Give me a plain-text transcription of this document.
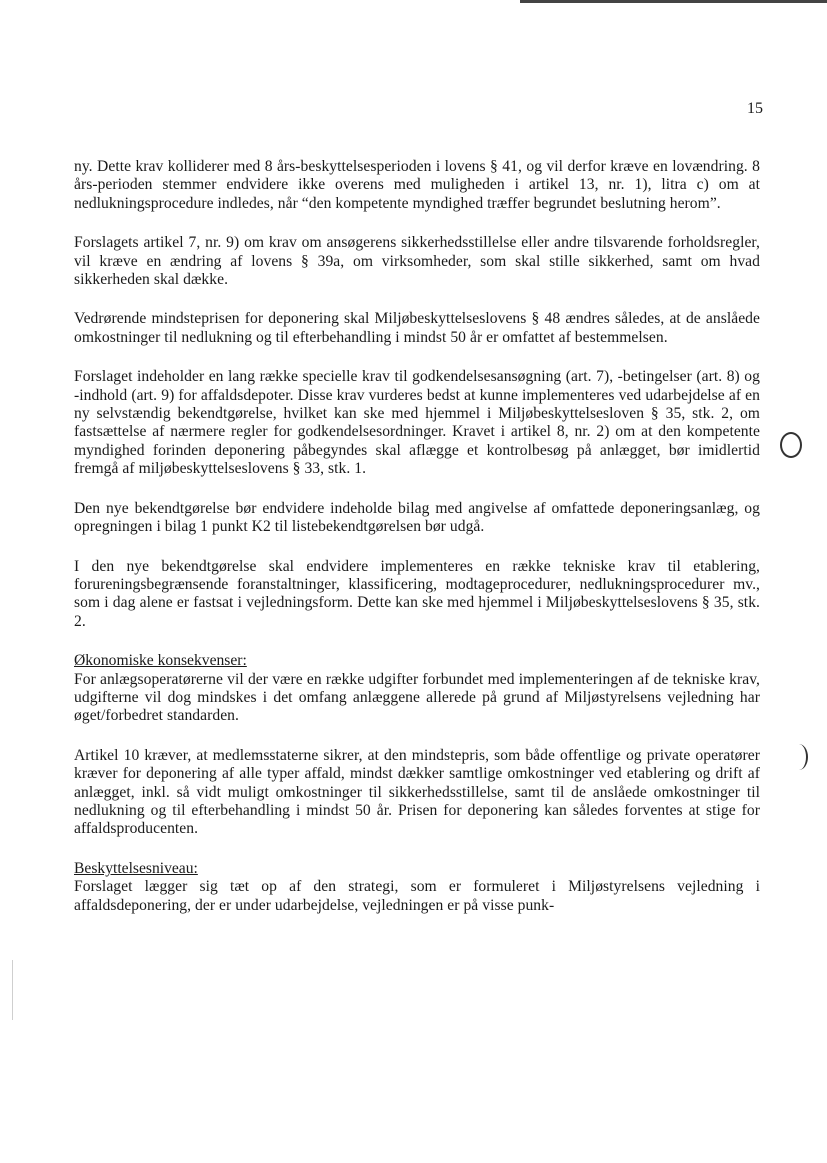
15

ny. Dette krav kolliderer med 8 års-beskyttelsesperioden i lovens § 41, og vil derfor kræve en lovændring. 8 års-perioden stemmer endvidere ikke overens med muligheden i artikel 13, nr. 1), litra c) om at nedlukningsprocedure indledes, når “den kompetente myndighed træffer begrundet beslutning herom”.

Forslagets artikel 7, nr. 9) om krav om ansøgerens sikkerhedsstillelse eller andre tilsvarende forholdsregler, vil kræve en ændring af lovens § 39a, om virksomheder, som skal stille sikkerhed, samt om hvad sikkerheden skal dække.

Vedrørende mindsteprisen for deponering skal Miljøbeskyttelseslovens § 48 ændres således, at de anslåede omkostninger til nedlukning og til efterbehandling i mindst 50 år er omfattet af bestemmelsen.

Forslaget indeholder en lang række specielle krav til godkendelsesansøgning (art. 7), -betingelser (art. 8) og -indhold (art. 9) for affaldsdepoter. Disse krav vurderes bedst at kunne implementeres ved udarbejdelse af en ny selvstændig bekendtgørelse, hvilket kan ske med hjemmel i Miljøbeskyttelsesloven § 35, stk. 2, om fastsættelse af nærmere regler for godkendelsesordninger. Kravet i artikel 8, nr. 2) om at den kompetente myndighed forinden deponering påbegyndes skal aflægge et kontrolbesøg på anlægget, bør imidlertid fremgå af miljøbeskyttelseslovens § 33, stk. 1.

Den nye bekendtgørelse bør endvidere indeholde bilag med angivelse af omfattede deponeringsanlæg, og opregningen i bilag 1 punkt K2 til listebekendtgørelsen bør udgå.

I den nye bekendtgørelse skal endvidere implementeres en række tekniske krav til etablering, forureningsbegrænsende foranstaltninger, klassificering, modtageprocedurer, nedlukningsprocedurer mv., som i dag alene er fastsat i vejledningsform. Dette kan ske med hjemmel i Miljøbeskyttelseslovens § 35, stk. 2.

Økonomiske konsekvenser:

For anlægsoperatørerne vil der være en række udgifter forbundet med implementeringen af de tekniske krav, udgifterne vil dog mindskes i det omfang anlæggene allerede på grund af Miljøstyrelsens vejledning har øget/forbedret standarden.

Artikel 10 kræver, at medlemsstaterne sikrer, at den mindstepris, som både offentlige og private operatører kræver for deponering af alle typer affald, mindst dækker samtlige omkostninger ved etablering og drift af anlægget, inkl. så vidt muligt omkostninger til sikkerhedsstillelse, samt til de anslåede omkostninger til nedlukning og til efterbehandling i mindst 50 år. Prisen for deponering kan således forventes at stige for affaldsproducenten.

Beskyttelsesniveau:

Forslaget lægger sig tæt op af den strategi, som er formuleret i Miljøstyrelsens vejledning i affaldsdeponering, der er under udarbejdelse, vejledningen er på visse punk-
